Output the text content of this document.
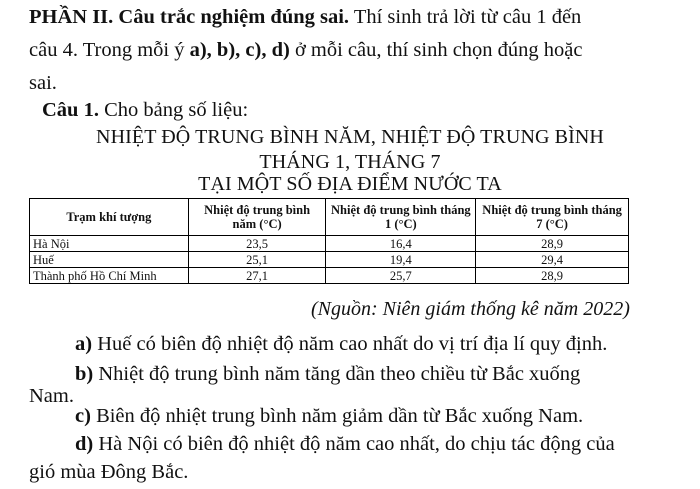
PHẦN II. Câu trắc nghiệm đúng sai. Thí sinh trả lời từ câu 1 đến
câu 4. Trong mỗi ý a), b), c), d) ở mỗi câu, thí sinh chọn đúng hoặc
sai.
Câu 1. Cho bảng số liệu:
NHIỆT ĐỘ TRUNG BÌNH NĂM, NHIỆT ĐỘ TRUNG BÌNH
THÁNG 1, THÁNG 7
TẠI MỘT SỐ ĐỊA ĐIỂM NƯỚC TA
Trạm khí tượng	Nhiệt độ trung bình năm (°C)	Nhiệt độ trung bình tháng 1 (°C)	Nhiệt độ trung bình tháng 7 (°C)
Hà Nội	23,5	16,4	28,9
Huế	25,1	19,4	29,4
Thành phố Hồ Chí Minh	27,1	25,7	28,9
(Nguồn: Niên giám thống kê năm 2022)
a) Huế có biên độ nhiệt độ năm cao nhất do vị trí địa lí quy định.
b) Nhiệt độ trung bình năm tăng dần theo chiều từ Bắc xuống
Nam.
c) Biên độ nhiệt trung bình năm giảm dần từ Bắc xuống Nam.
d) Hà Nội có biên độ nhiệt độ năm cao nhất, do chịu tác động của
gió mùa Đông Bắc.
